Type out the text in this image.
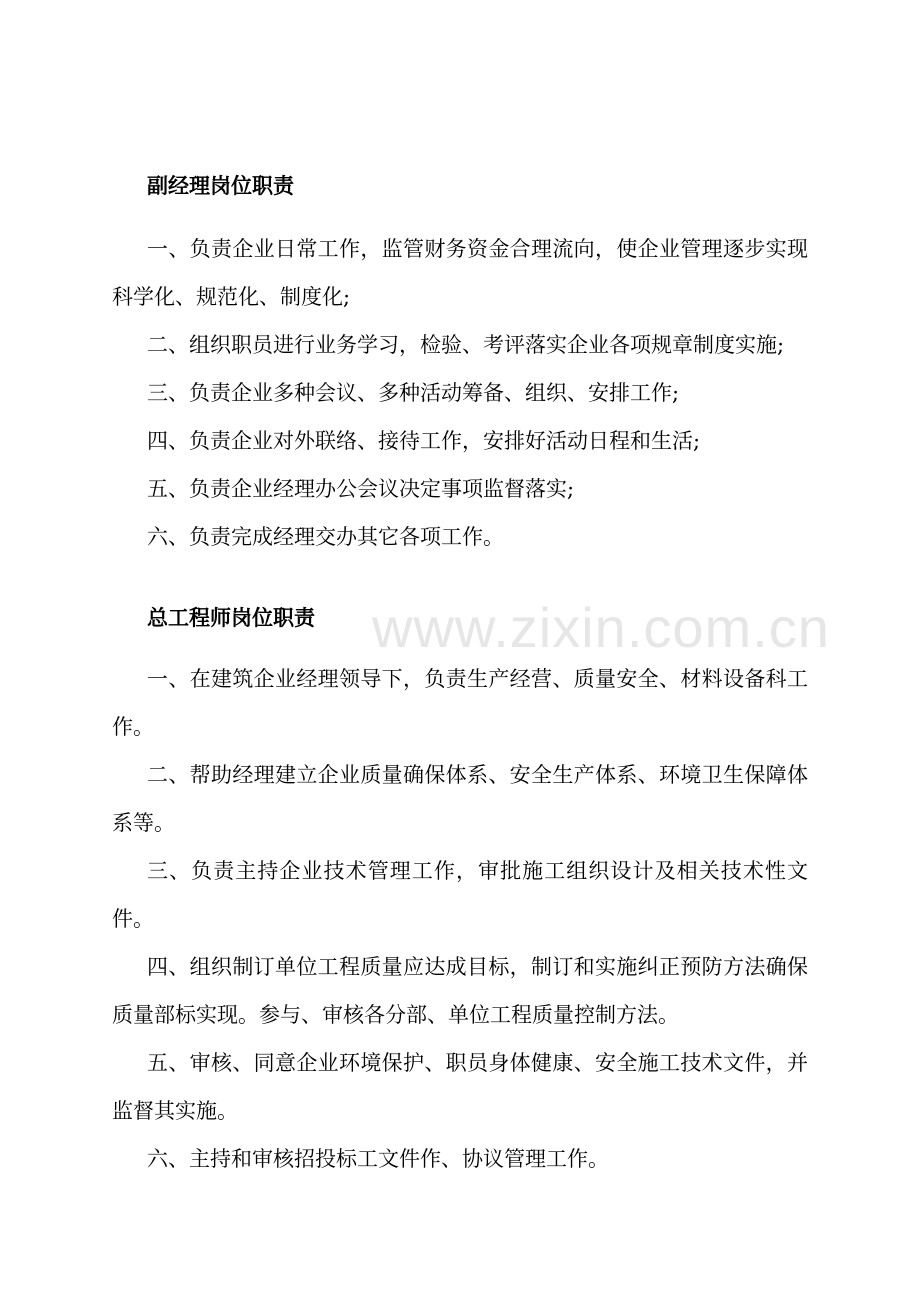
www.zixin.com.cn
副经理岗位职责

一、负责企业日常工作，监管财务资金合理流向，使企业管理逐步实现科学化、规范化、制度化;

二、组织职员进行业务学习，检验、考评落实企业各项规章制度实施;

三、负责企业多种会议、多种活动筹备、组织、安排工作;

四、负责企业对外联络、接待工作，安排好活动日程和生活;

五、负责企业经理办公会议决定事项监督落实;

六、负责完成经理交办其它各项工作。

总工程师岗位职责

一、在建筑企业经理领导下，负责生产经营、质量安全、材料设备科工作。

二、帮助经理建立企业质量确保体系、安全生产体系、环境卫生保障体系等。

三、负责主持企业技术管理工作，审批施工组织设计及相关技术性文件。

四、组织制订单位工程质量应达成目标，制订和实施纠正预防方法确保质量部标实现。参与、审核各分部、单位工程质量控制方法。

五、审核、同意企业环境保护、职员身体健康、安全施工技术文件，并监督其实施。

六、主持和审核招投标工文件作、协议管理工作。
